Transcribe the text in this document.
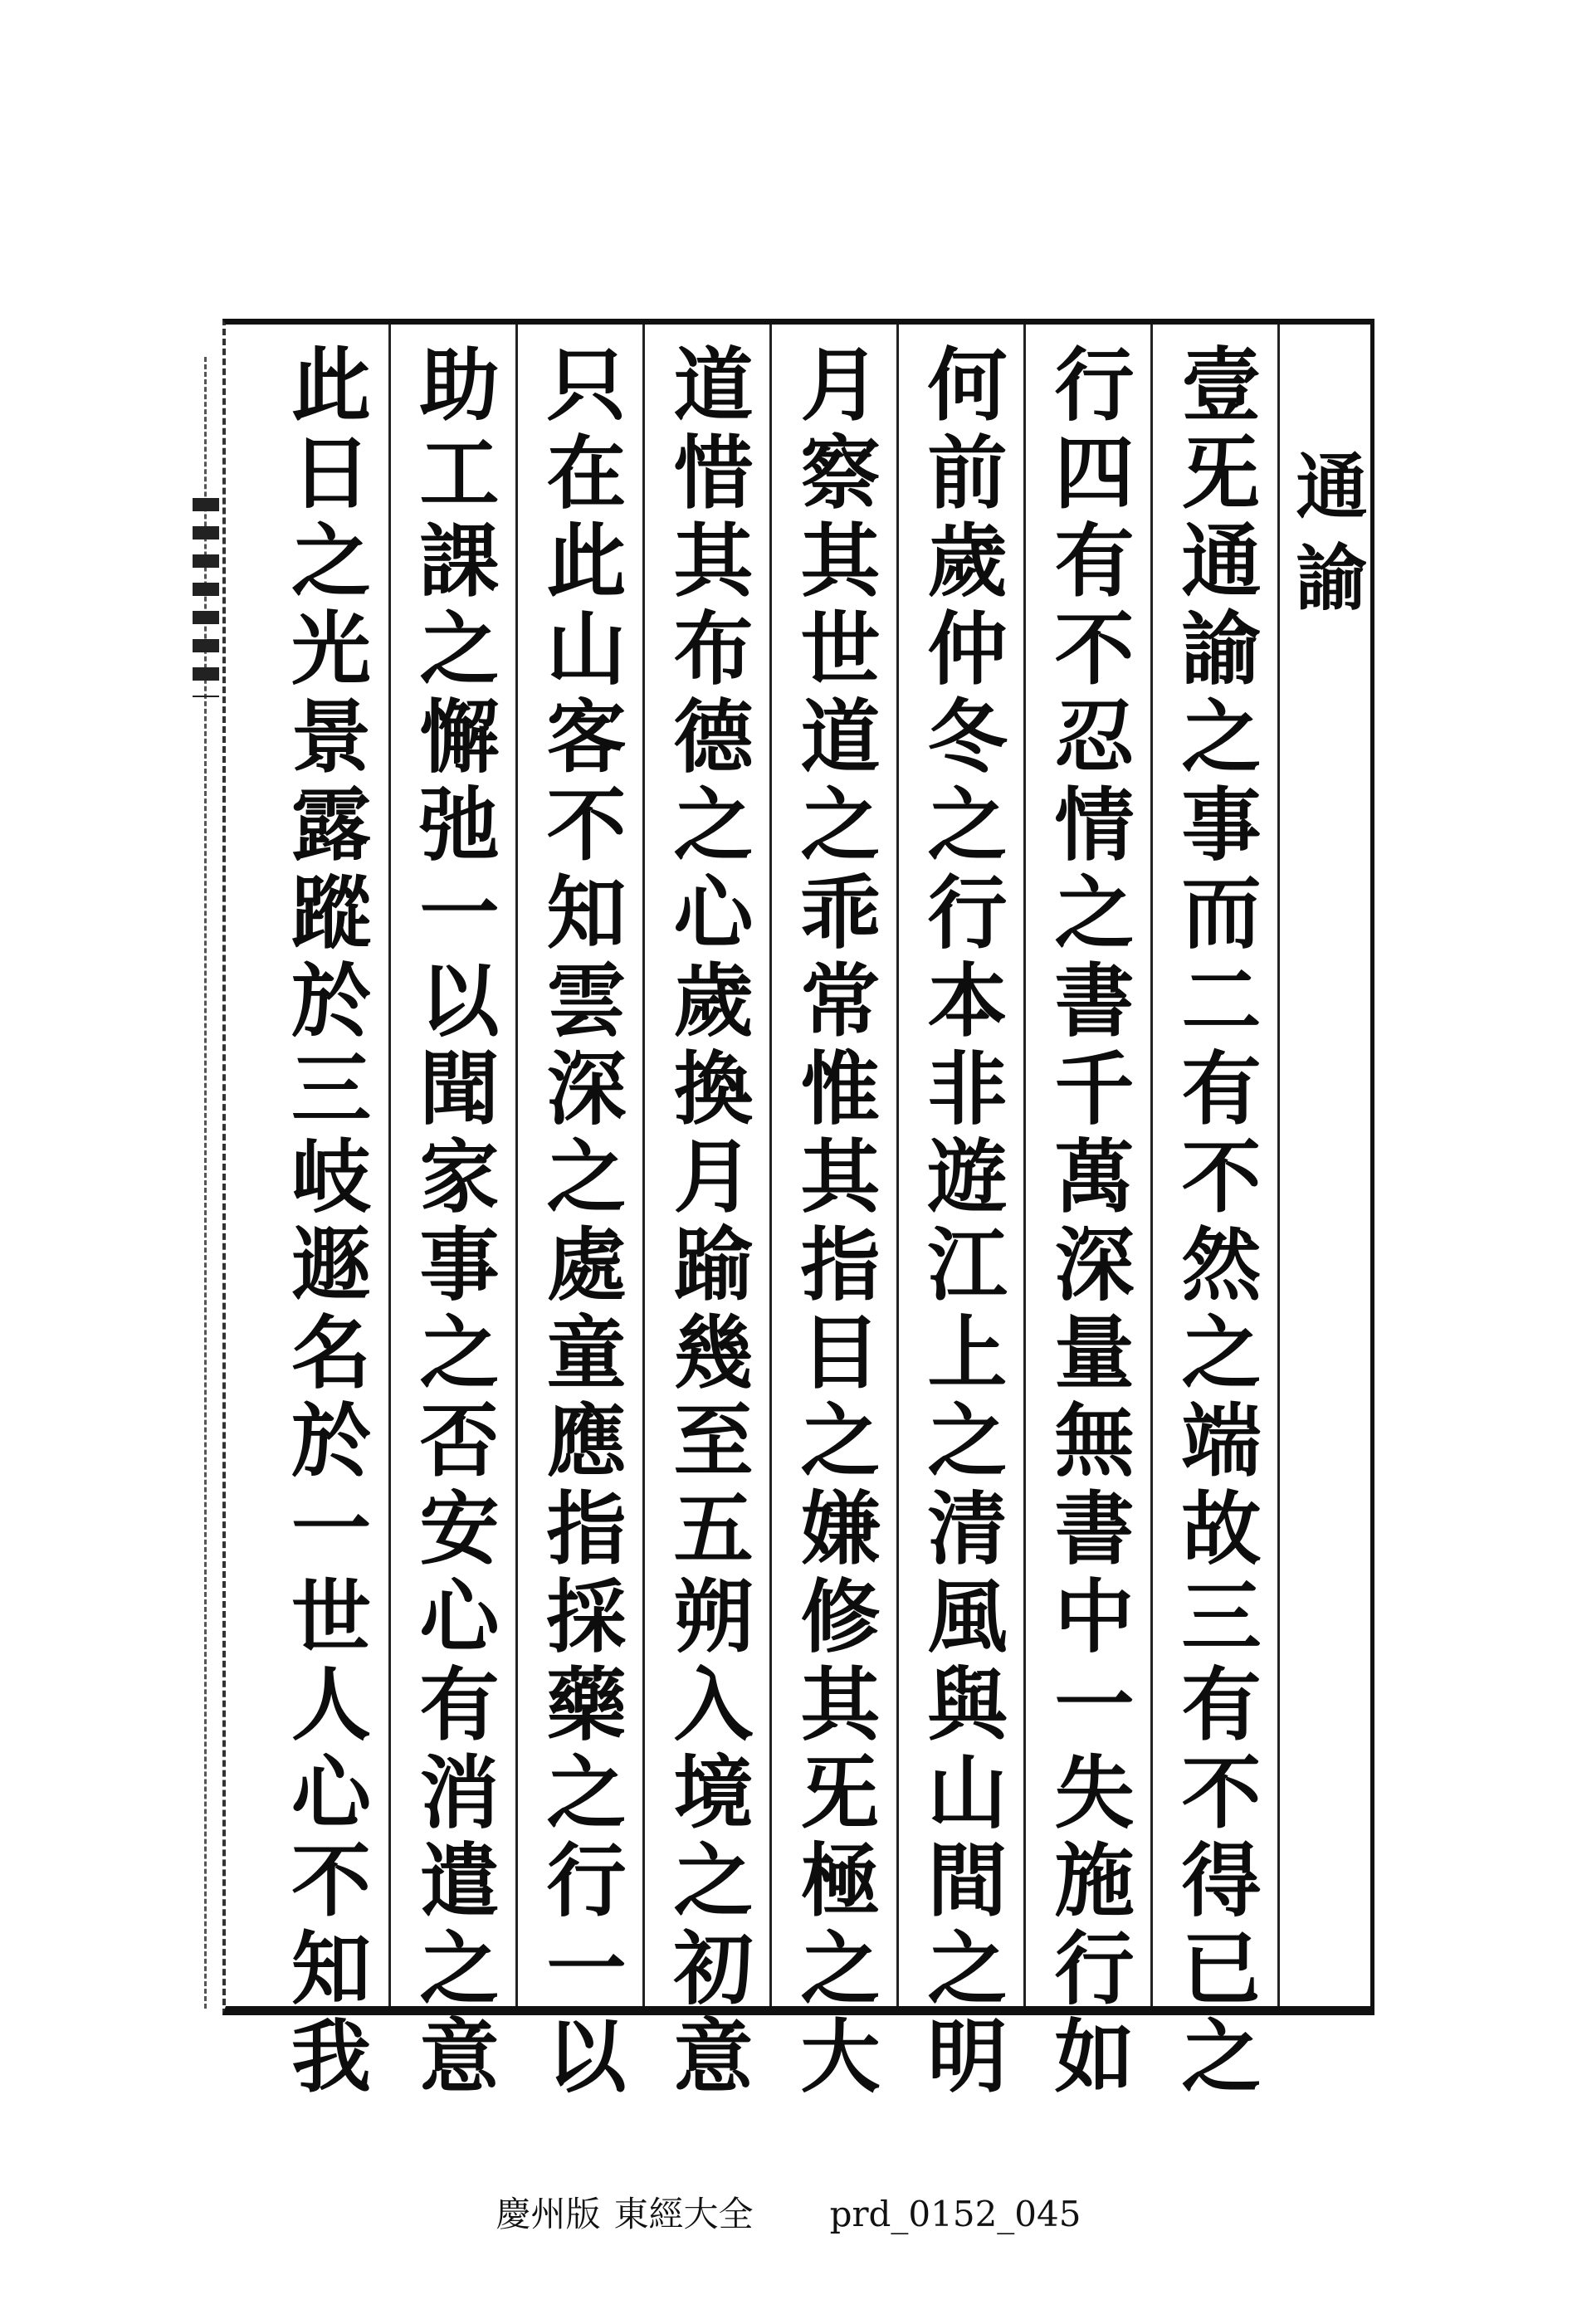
通諭
壹旡通諭之事而二有不然之端故三有不得已之
行四有不忍情之書千萬深量無書中一失施行如
何前歲仲冬之行本非遊江上之清風與山間之明
月察其世道之乖常惟其指目之嫌修其旡極之大
道惜其布德之心歲換月踰幾至五朔入境之初意
只在此山客不知雲深之處童應指採藥之行一以
助工課之懈弛一以聞家事之否安心有消遣之意
此日之光景露蹤於三岐遯名於一世人心不知我
慶州版 東經大全 prd_0152_045
